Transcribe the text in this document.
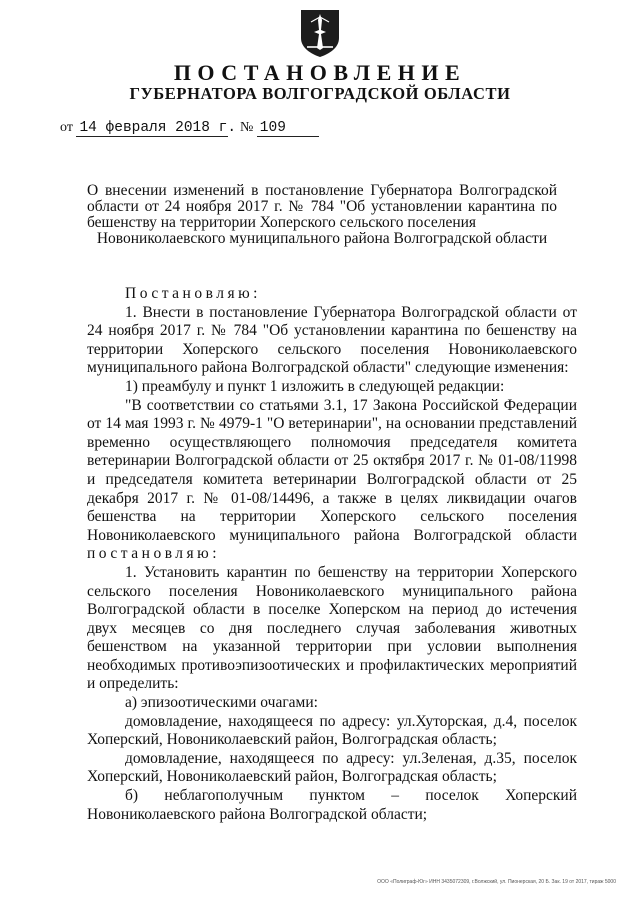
ПОСТАНОВЛЕНИЕ
ГУБЕРНАТОРА ВОЛГОГРАДСКОЙ ОБЛАСТИ
от 14 февраля 2018 г. № 109
О внесении изменений в постановление Губернатора Волгоградской области от 24 ноября 2017 г. № 784 "Об установлении карантина по бешенству на территории Хоперского сельского поселения
Новониколаевского муниципального района Волгоградской области

Постановляю:

1. Внести в постановление Губернатора Волгоградской области от 24 ноября 2017 г. № 784 "Об установлении карантина по бешенству на территории Хоперского сельского поселения Новониколаевского муниципального района Волгоградской области" следующие изменения:

1) преамбулу и пункт 1 изложить в следующей редакции:

"В соответствии со статьями 3.1, 17 Закона Российской Федерации от 14 мая 1993 г. № 4979-1 "О ветеринарии", на основании представлений временно осуществляющего полномочия председателя комитета ветеринарии Волгоградской области от 25 октября 2017 г. № 01-08/11998 и председателя комитета ветеринарии Волгоградской области от 25 декабря 2017 г. № 01-08/14496, а также в целях ликвидации очагов бешенства на территории Хоперского сельского поселения Новониколаевского муниципального района Волгоградской области постановляю:

1. Установить карантин по бешенству на территории Хоперского сельского поселения Новониколаевского муниципального района Волгоградской области в поселке Хоперском на период до истечения двух месяцев со дня последнего случая заболевания животных бешенством на указанной территории при условии выполнения необходимых противоэпизоотических и профилактических мероприятий и определить:

а) эпизоотическими очагами:

домовладение, находящееся по адресу: ул.Хуторская, д.4, поселок Хоперский, Новониколаевский район, Волгоградская область;

домовладение, находящееся по адресу: ул.Зеленая, д.35, поселок Хоперский, Новониколаевский район, Волгоградская область;

б) неблагополучным пунктом – поселок Хоперский Новониколаевского района Волгоградской области;

ООО «Полиграф-Юг» ИНН 3435072309, г.Волжский, ул. Пионерская, 20 Б. Зак. 19 от 2017, тираж 5000
